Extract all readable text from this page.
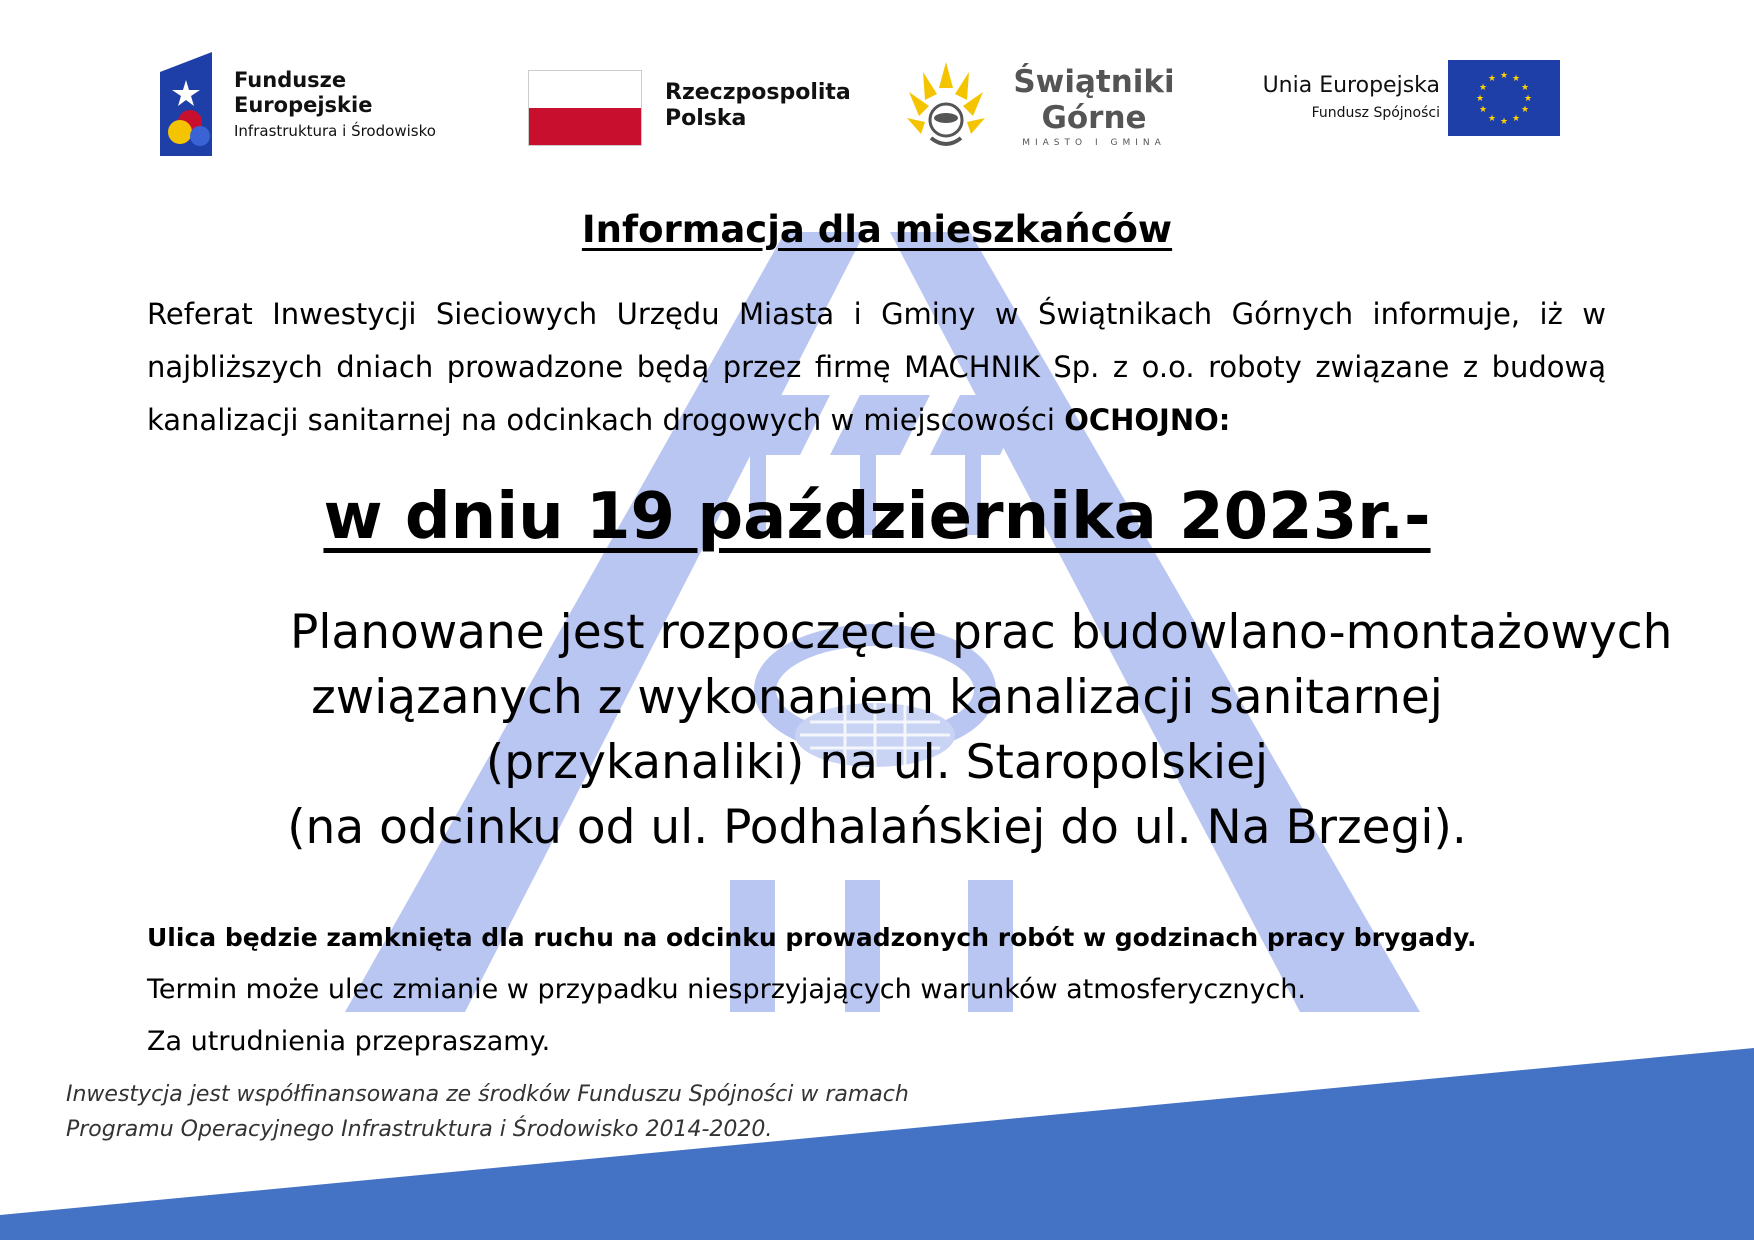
Fundusze
Europejskie
Infrastruktura i Środowisko
Rzeczpospolita
Polska
Świątniki
Górne
MIASTO I GMINA
Unia Europejska
Fundusz Spójności
★ ★
★
★
★
★
★
★
★
★
★
★
Informacja dla mieszkańców
Referat Inwestycji Sieciowych Urzędu Miasta i Gminy w Świątnikach Górnych informuje, iż w najbliższych dniach prowadzone będą przez firmę MACHNIK Sp. z o.o. roboty związane z budową kanalizacji sanitarnej na odcinkach drogowych w miejscowości OCHOJNO:
w dniu 19 października 2023r.-
Planowane jest rozpoczęcie prac budowlano-montażowych
związanych z wykonaniem kanalizacji sanitarnej
(przykanaliki) na ul. Staropolskiej
(na odcinku od ul. Podhalańskiej do ul. Na Brzegi).
Ulica będzie zamknięta dla ruchu na odcinku prowadzonych robót w godzinach pracy brygady.
Termin może ulec zmianie w przypadku niesprzyjających warunków atmosferycznych.
Za utrudnienia przepraszamy.
Inwestycja jest współfinansowana ze środków Funduszu Spójności w ramach
Programu Operacyjnego Infrastruktura i Środowisko 2014-2020.
